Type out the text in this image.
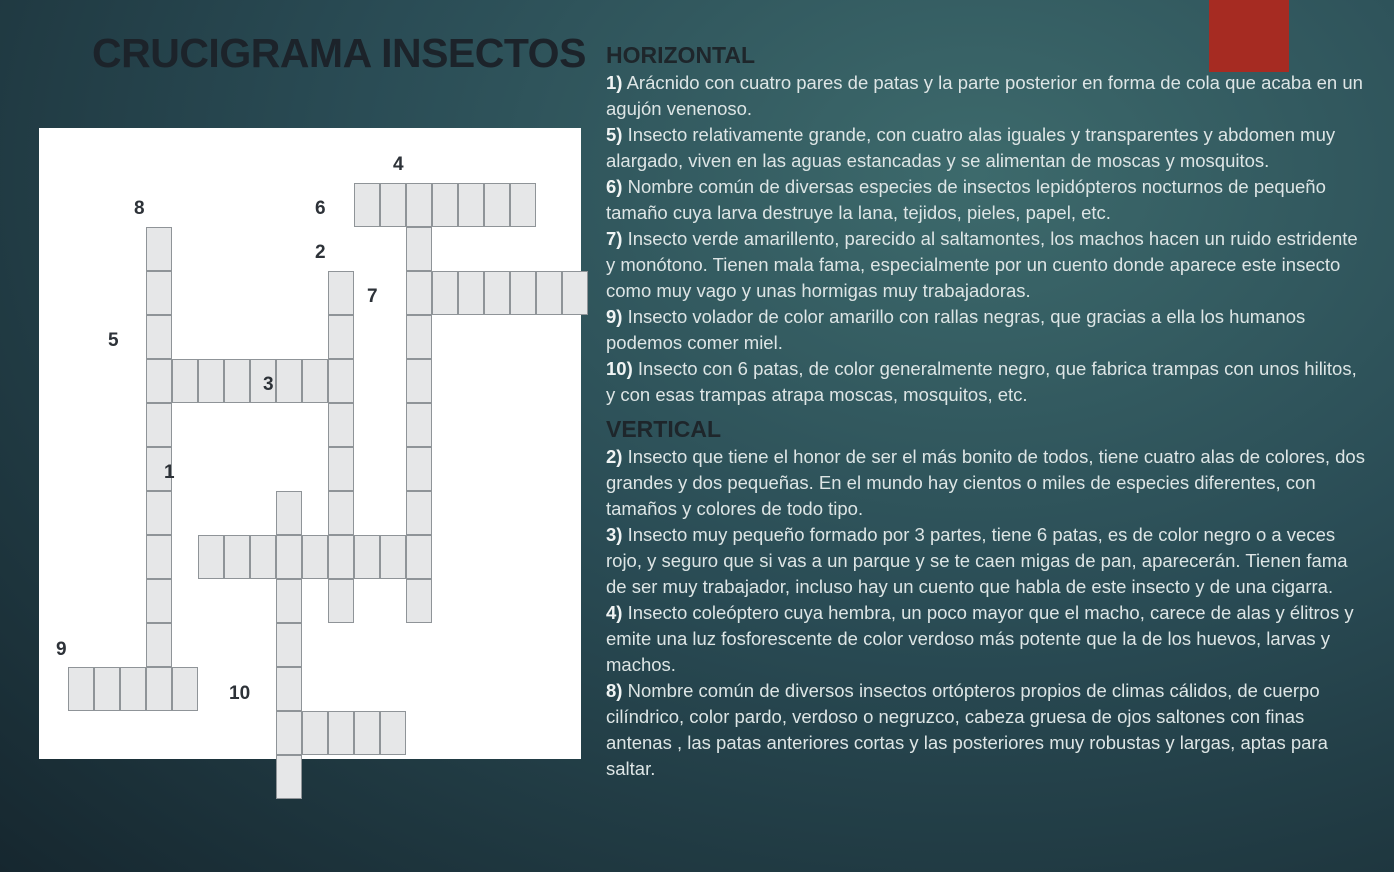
CRUCIGRAMA INSECTOS
1
2
3
4
5
6
7
8
9
10
HORIZONTAL

1) Arácnido con cuatro pares de patas y la parte posterior en forma de cola que acaba en un agujón venenoso.

5) Insecto relativamente grande, con cuatro alas iguales y transparentes y abdomen muy alargado, viven en las aguas estancadas y se alimentan de moscas y mosquitos.

6) Nombre común de diversas especies de insectos lepidópteros nocturnos de pequeño tamaño cuya larva destruye la lana, tejidos, pieles, papel, etc.

7) Insecto verde amarillento, parecido al saltamontes, los machos hacen un ruido estridente y monótono. Tienen mala fama, especialmente por un cuento donde aparece este insecto como muy vago y unas hormigas muy trabajadoras.

9) Insecto volador de color amarillo con rallas negras, que gracias a ella los humanos podemos comer miel.

10) Insecto con 6 patas, de color generalmente negro, que fabrica trampas con unos hilitos, y con esas trampas atrapa moscas, mosquitos, etc.

VERTICAL

2) Insecto que tiene el honor de ser el más bonito de todos, tiene cuatro alas de colores, dos grandes y dos pequeñas. En el mundo hay cientos o miles de especies diferentes, con tamaños y colores de todo tipo.

3) Insecto muy pequeño formado por 3 partes, tiene 6 patas, es de color negro o a veces rojo, y seguro que si vas a un parque y se te caen migas de pan, aparecerán. Tienen fama de ser muy trabajador, incluso hay un cuento que habla de este insecto y de una cigarra.

4) Insecto coleóptero cuya hembra, un poco mayor que el macho, carece de alas y élitros y emite una luz fosforescente de color verdoso más potente que la de los huevos, larvas y machos.

8) Nombre común de diversos insectos ortópteros propios de climas cálidos, de cuerpo cilíndrico, color pardo, verdoso o negruzco, cabeza gruesa de ojos saltones con finas antenas , las patas anteriores cortas y las posteriores muy robustas y largas, aptas para saltar.
